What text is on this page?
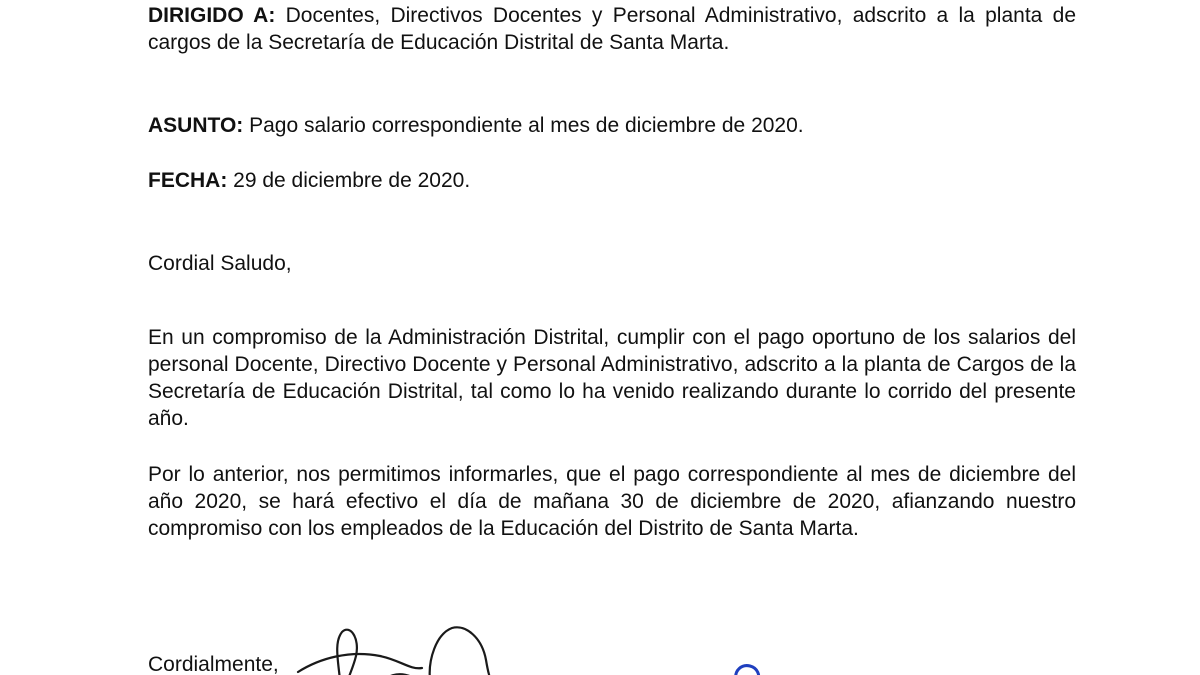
DIRIGIDO A: Docentes, Directivos Docentes y Personal Administrativo, adscrito a la planta de cargos de la Secretaría de Educación Distrital de Santa Marta.

ASUNTO: Pago salario correspondiente al mes de diciembre de 2020.

FECHA: 29 de diciembre de 2020.

Cordial Saludo,

En un compromiso de la Administración Distrital, cumplir con el pago oportuno de los salarios del personal Docente, Directivo Docente y Personal Administrativo, adscrito a la planta de Cargos de la Secretaría de Educación Distrital, tal como lo ha venido realizando durante lo corrido del presente año.

Por lo anterior, nos permitimos informarles, que el pago correspondiente al mes de diciembre del año 2020, se hará efectivo el día de mañana 30 de diciembre de 2020, afianzando nuestro compromiso con los empleados de la Educación del Distrito de Santa Marta.

Cordialmente,
